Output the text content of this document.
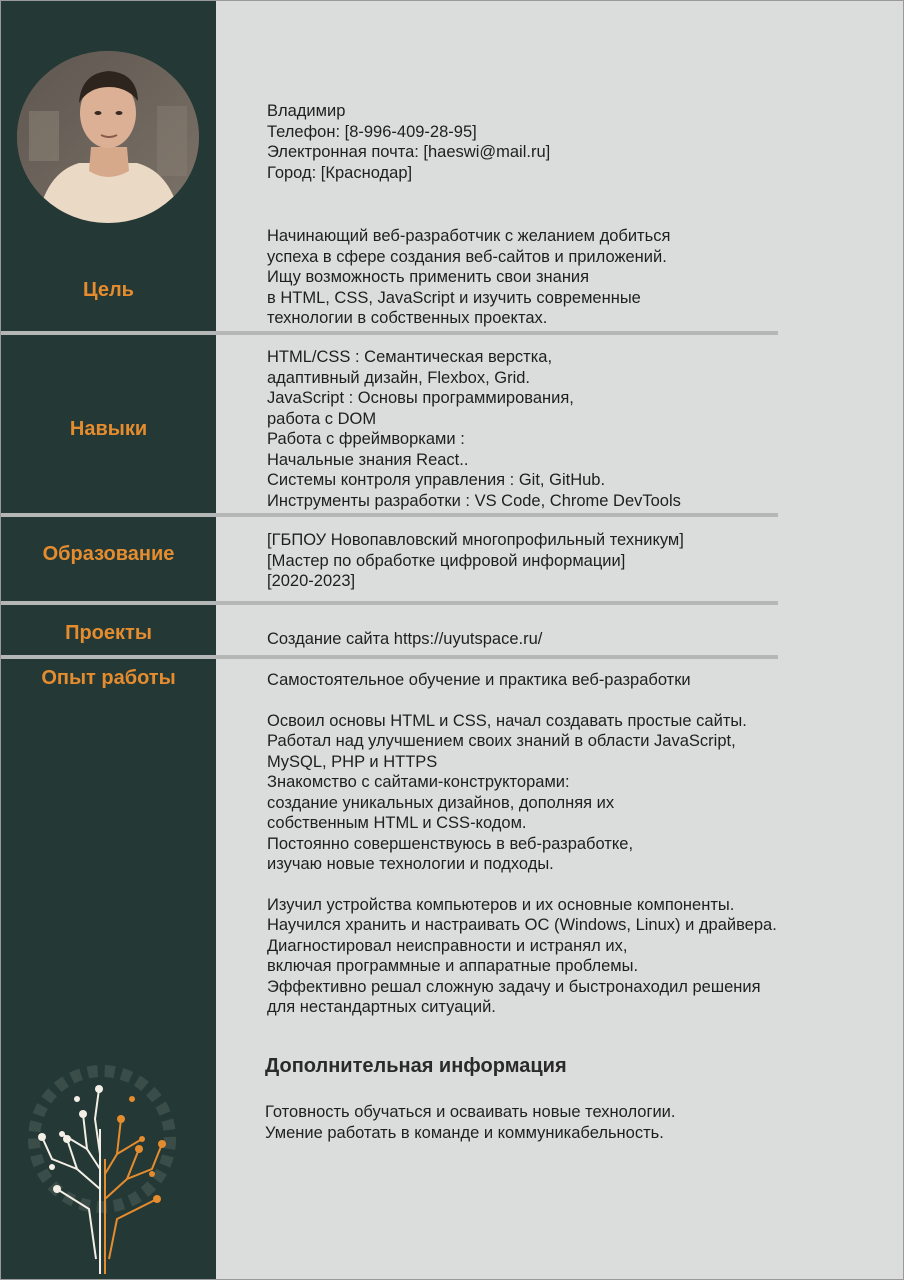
Владимир
Телефон: [8-996-409-28-95]
Электронная почта: [haeswi@mail.ru]
Город: [Краснодар]
Цель
Начинающий веб-разработчик с желанием добиться
успеха в сфере создания веб-сайтов и приложений.
Ищу возможность применить свои знания
в HTML, CSS, JavaScript и изучить современные
технологии в собственных проектах.
Навыки
HTML/CSS : Семантическая верстка,
адаптивный дизайн, Flexbox, Grid.
JavaScript : Основы программирования,
работа с DOM
Работа с фреймворками :
Начальные знания React..
Системы контроля управления : Git, GitHub.
Инструменты разработки : VS Code, Chrome DevTools
Образование
[ГБПОУ Новопавловский многопрофильный техникум]
[Мастер по обработке цифровой информации]
[2020-2023]
Проекты	Создание сайта https://uyutspace.ru/
Опыт работы	Самостоятельное обучение и практика веб-разработки
Освоил основы HTML и CSS, начал создавать простые сайты.
Работал над улучшением своих знаний в области JavaScript,
MySQL, PHP и HTTPS
Знакомство с сайтами-конструкторами:
создание уникальных дизайнов, дополняя их
собственным HTML и CSS-кодом.
Постоянно совершенствуюсь в веб-разработке,
изучаю новые технологии и подходы.
Изучил устройства компьютеров и их основные компоненты.
Научился хранить и настраивать ОС (Windows, Linux) и драйвера.
Диагностировал неисправности и истранял их,
включая программные и аппаратные проблемы.
Эффективно решал сложную задачу и быстронаходил решения
для нестандартных ситуаций.
Дополнительная информация
Готовность обучаться и осваивать новые технологии.
Умение работать в команде и коммуникабельность.
